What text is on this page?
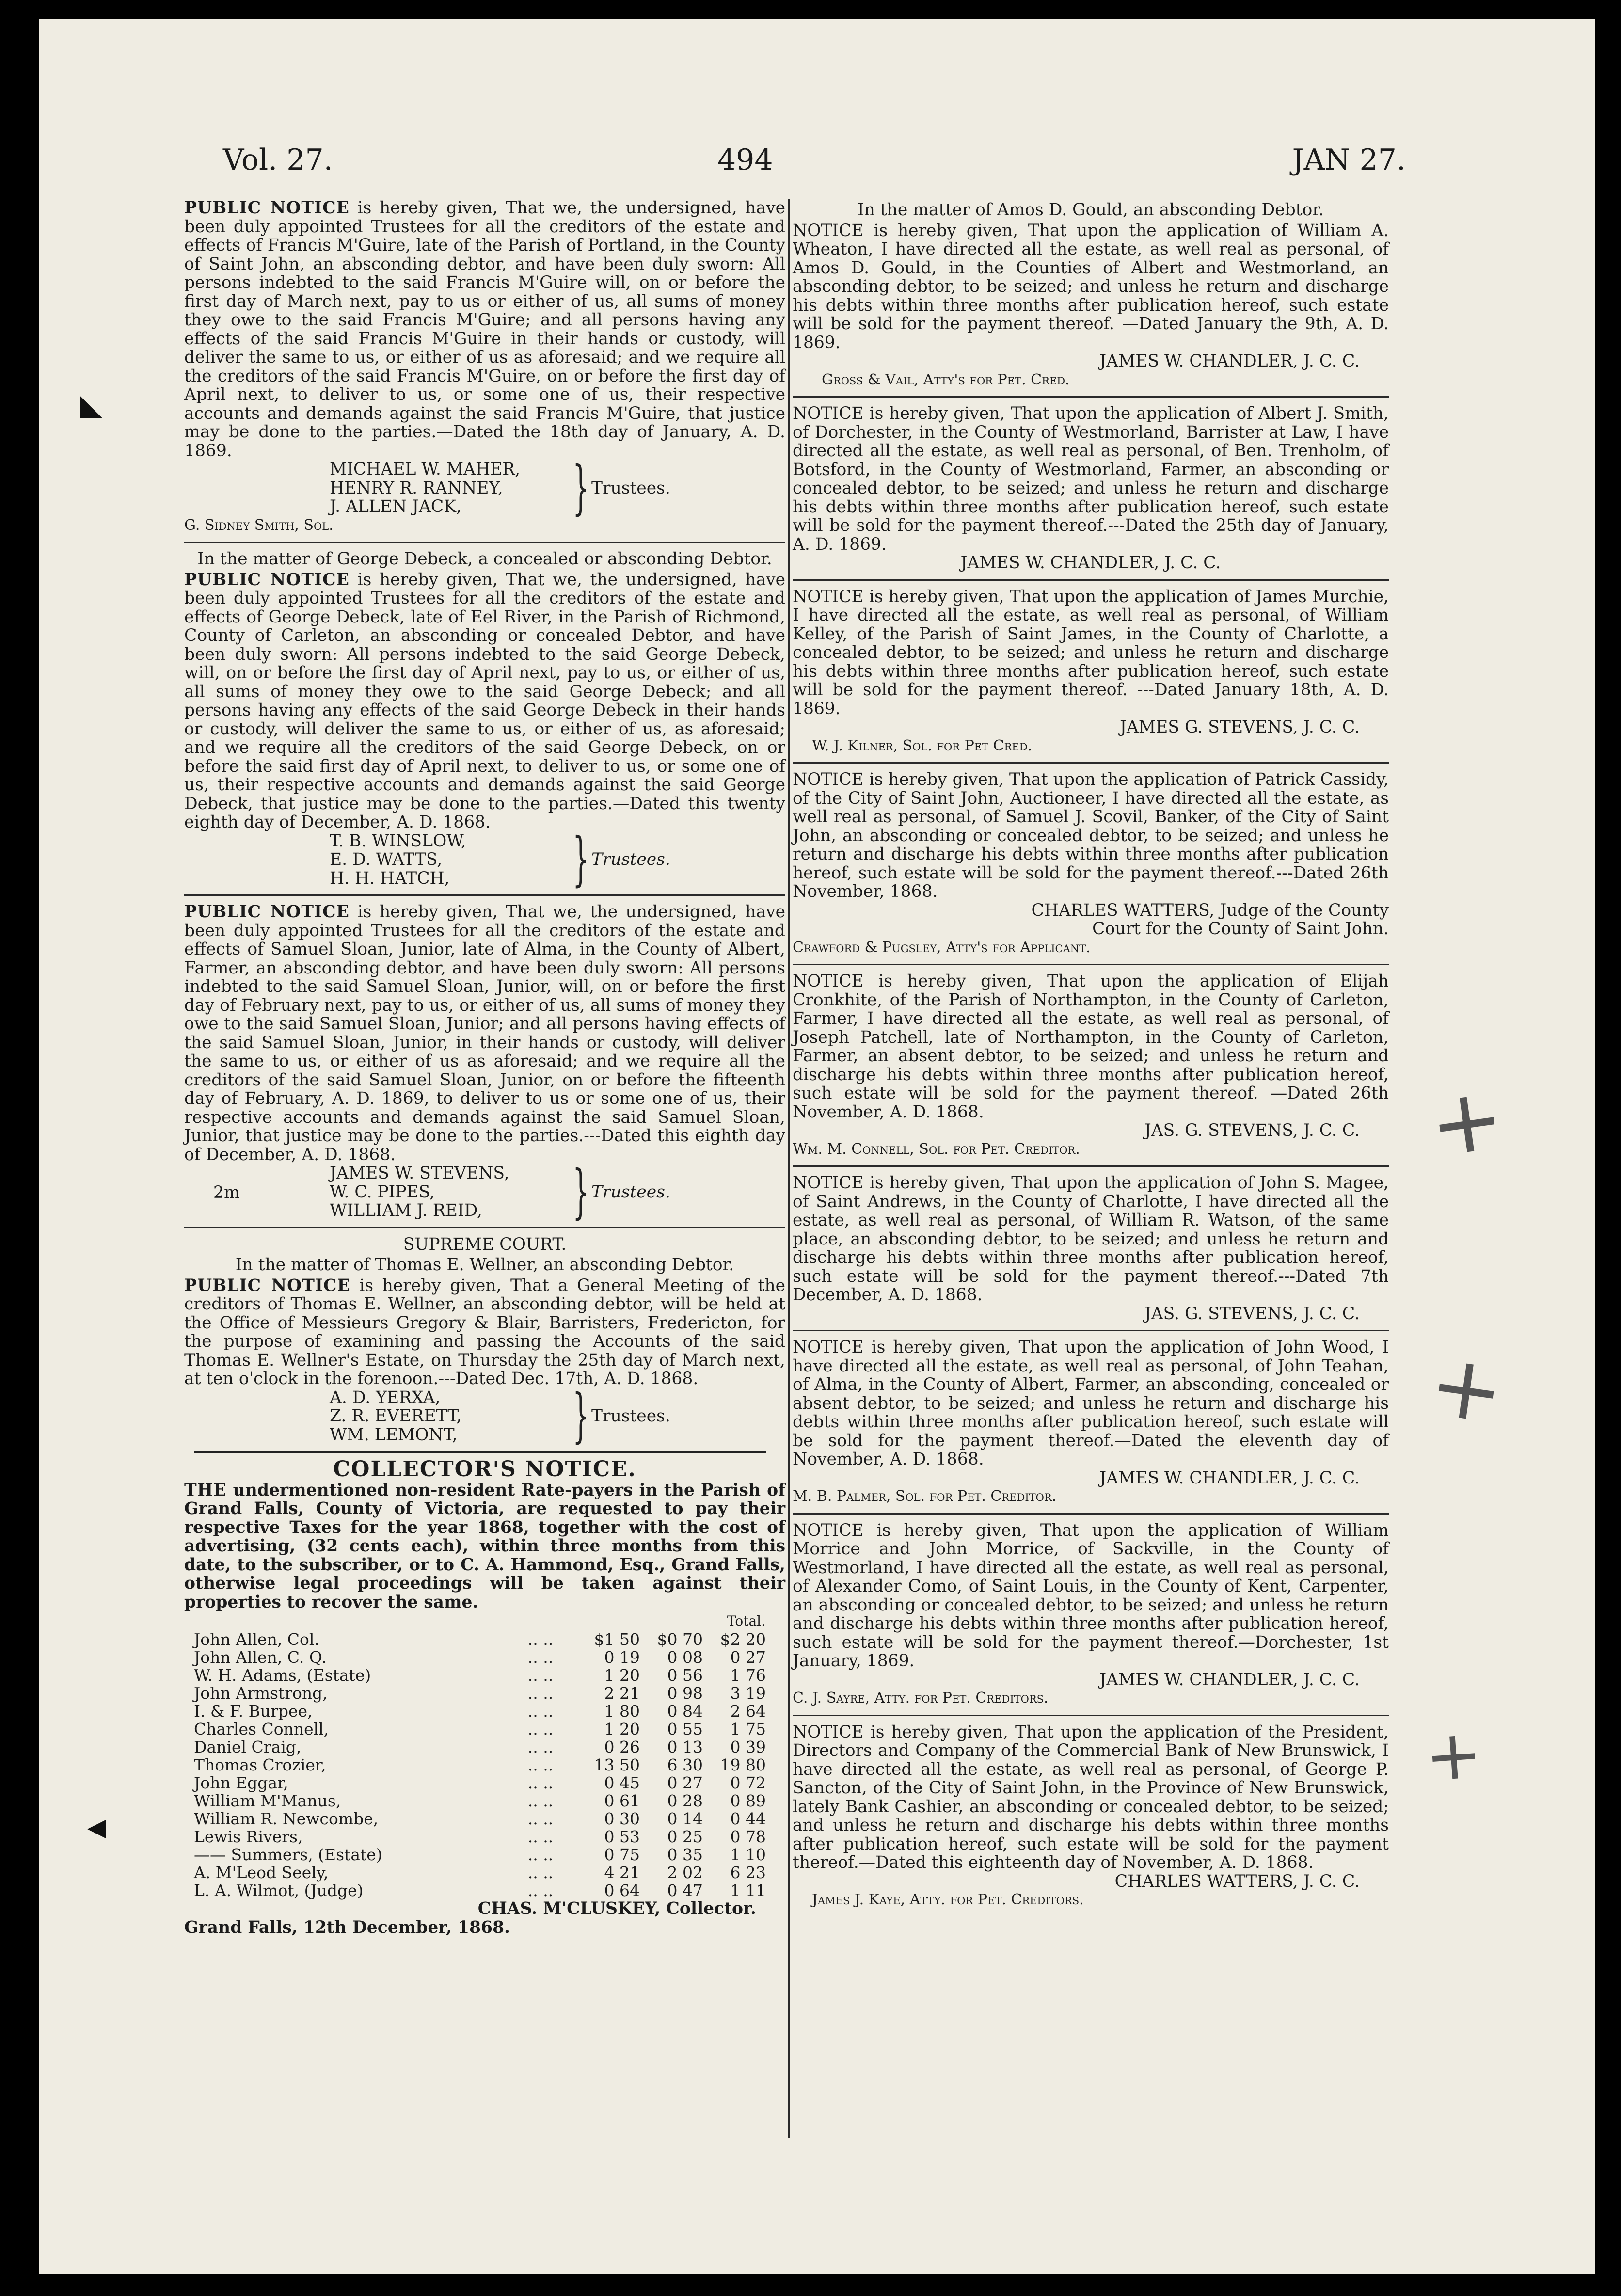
Vol. 27.	494	JAN 27.

PUBLIC NOTICE is hereby given, That we, the undersigned, have been duly appointed Trustees for all the creditors of the estate and effects of Francis M'Guire, late of the Parish of Portland, in the County of Saint John, an absconding debtor, and have been duly sworn: All persons indebted to the said Francis M'Guire will, on or before the first day of March next, pay to us or either of us, all sums of money they owe to the said Francis M'Guire; and all persons having any effects of the said Francis M'Guire in their hands or custody, will deliver the same to us, or either of us as aforesaid; and we require all the creditors of the said Francis M'Guire, on or before the first day of April next, to deliver to us, or some one of us, their respective accounts and demands against the said Francis M'Guire, that justice may be done to the parties.—Dated the 18th day of January, A. D. 1869.

MICHAEL W. MAHER,
HENRY R. RANNEY,
J. ALLEN JACK,	} Trustees.

G. Sidney Smith, Sol.

In the matter of George Debeck, a concealed or absconding Debtor.

PUBLIC NOTICE is hereby given, That we, the undersigned, have been duly appointed Trustees for all the creditors of the estate and effects of George Debeck, late of Eel River, in the Parish of Richmond, County of Carleton, an absconding or concealed Debtor, and have been duly sworn: All persons indebted to the said George Debeck, will, on or before the first day of April next, pay to us, or either of us, all sums of money they owe to the said George Debeck; and all persons having any effects of the said George Debeck in their hands or custody, will deliver the same to us, or either of us, as aforesaid; and we require all the creditors of the said George Debeck, on or before the said first day of April next, to deliver to us, or some one of us, their respective accounts and demands against the said George Debeck, that justice may be done to the parties.—Dated this twenty eighth day of December, A. D. 1868.

T. B. WINSLOW,
E. D. WATTS,
H. H. HATCH,	} Trustees.

PUBLIC NOTICE is hereby given, That we, the undersigned, have been duly appointed Trustees for all the creditors of the estate and effects of Samuel Sloan, Junior, late of Alma, in the County of Albert, Farmer, an absconding debtor, and have been duly sworn: All persons indebted to the said Samuel Sloan, Junior, will, on or before the first day of February next, pay to us, or either of us, all sums of money they owe to the said Samuel Sloan, Junior; and all persons having effects of the said Samuel Sloan, Junior, in their hands or custody, will deliver the same to us, or either of us as aforesaid; and we require all the creditors of the said Samuel Sloan, Junior, on or before the fifteenth day of February, A. D. 1869, to deliver to us or some one of us, their respective accounts and demands against the said Samuel Sloan, Junior, that justice may be done to the parties.---Dated this eighth day of December, A. D. 1868.

2m
JAMES W. STEVENS,
W. C. PIPES,
WILLIAM J. REID,	} Trustees.

SUPREME COURT.

In the matter of Thomas E. Wellner, an absconding Debtor.

PUBLIC NOTICE is hereby given, That a General Meeting of the creditors of Thomas E. Wellner, an absconding debtor, will be held at the Office of Messieurs Gregory & Blair, Barristers, Fredericton, for the purpose of examining and passing the Accounts of the said Thomas E. Wellner's Estate, on Thursday the 25th day of March next, at ten o'clock in the forenoon.---Dated Dec. 17th, A. D. 1868.

A. D. YERXA,
Z. R. EVERETT,
WM. LEMONT,	} Trustees.
COLLECTOR'S NOTICE.

THE undermentioned non-resident Rate-payers in the Parish of Grand Falls, County of Victoria, are requested to pay their respective Taxes for the year 1868, together with the cost of advertising, (32 cents each), within three months from this date, to the subscriber, or to C. A. Hammond, Esq., Grand Falls, otherwise legal proceedings will be taken against their properties to recover the same.

				Total.
John Allen, Col.	.. ..	$1 50	$0 70	$2 20
John Allen, C. Q.	.. ..	0 19	0 08	0 27
W. H. Adams, (Estate)	.. ..	1 20	0 56	1 76
John Armstrong,	.. ..	2 21	0 98	3 19
I. & F. Burpee,	.. ..	1 80	0 84	2 64
Charles Connell,	.. ..	1 20	0 55	1 75
Daniel Craig,	.. ..	0 26	0 13	0 39
Thomas Crozier,	.. ..	13 50	6 30	19 80
John Eggar,	.. ..	0 45	0 27	0 72
William M'Manus,	.. ..	0 61	0 28	0 89
William R. Newcombe,	.. ..	0 30	0 14	0 44
Lewis Rivers,	.. ..	0 53	0 25	0 78
—— Summers, (Estate)	.. ..	0 75	0 35	1 10
A. M'Leod Seely,	.. ..	4 21	2 02	6 23
L. A. Wilmot, (Judge)	.. ..	0 64	0 47	1 11

CHAS. M'CLUSKEY, Collector.

Grand Falls, 12th December, 1868.

In the matter of Amos D. Gould, an absconding Debtor.

NOTICE is hereby given, That upon the application of William A. Wheaton, I have directed all the estate, as well real as personal, of Amos D. Gould, in the Counties of Albert and Westmorland, an absconding debtor, to be seized; and unless he return and discharge his debts within three months after publication hereof, such estate will be sold for the payment thereof. —Dated January the 9th, A. D. 1869.

JAMES W. CHANDLER, J. C. C.

Gross & Vail, Atty's for Pet. Cred.

NOTICE is hereby given, That upon the application of Albert J. Smith, of Dorchester, in the County of Westmorland, Barrister at Law, I have directed all the estate, as well real as personal, of Ben. Trenholm, of Botsford, in the County of Westmorland, Farmer, an absconding or concealed debtor, to be seized; and unless he return and discharge his debts within three months after publication hereof, such estate will be sold for the payment thereof.---Dated the 25th day of January, A. D. 1869.

JAMES W. CHANDLER, J. C. C.

NOTICE is hereby given, That upon the application of James Murchie, I have directed all the estate, as well real as personal, of William Kelley, of the Parish of Saint James, in the County of Charlotte, a concealed debtor, to be seized; and unless he return and discharge his debts within three months after publication hereof, such estate will be sold for the payment thereof. ---Dated January 18th, A. D. 1869.

JAMES G. STEVENS, J. C. C.

W. J. Kilner, Sol. for Pet Cred.

NOTICE is hereby given, That upon the application of Patrick Cassidy, of the City of Saint John, Auctioneer, I have directed all the estate, as well real as personal, of Samuel J. Scovil, Banker, of the City of Saint John, an absconding or concealed debtor, to be seized; and unless he return and discharge his debts within three months after publication hereof, such estate will be sold for the payment thereof.---Dated 26th November, 1868.

CHARLES WATTERS, Judge of the County

Court for the County of Saint John.

Crawford & Pugsley, Atty's for Applicant.

NOTICE is hereby given, That upon the application of Elijah Cronkhite, of the Parish of Northampton, in the County of Carleton, Farmer, I have directed all the estate, as well real as personal, of Joseph Patchell, late of Northampton, in the County of Carleton, Farmer, an absent debtor, to be seized; and unless he return and discharge his debts within three months after publication hereof, such estate will be sold for the payment thereof. —Dated 26th November, A. D. 1868.

JAS. G. STEVENS, J. C. C.

Wm. M. Connell, Sol. for Pet. Creditor.

NOTICE is hereby given, That upon the application of John S. Magee, of Saint Andrews, in the County of Charlotte, I have directed all the estate, as well real as personal, of William R. Watson, of the same place, an absconding debtor, to be seized; and unless he return and discharge his debts within three months after publication hereof, such estate will be sold for the payment thereof.---Dated 7th December, A. D. 1868.

JAS. G. STEVENS, J. C. C.

NOTICE is hereby given, That upon the application of John Wood, I have directed all the estate, as well real as personal, of John Teahan, of Alma, in the County of Albert, Farmer, an absconding, concealed or absent debtor, to be seized; and unless he return and discharge his debts within three months after publication hereof, such estate will be sold for the payment thereof.—Dated the eleventh day of November, A. D. 1868.

JAMES W. CHANDLER, J. C. C.

M. B. Palmer, Sol. for Pet. Creditor.

NOTICE is hereby given, That upon the application of William Morrice and John Morrice, of Sackville, in the County of Westmorland, I have directed all the estate, as well real as personal, of Alexander Como, of Saint Louis, in the County of Kent, Carpenter, an absconding or concealed debtor, to be seized; and unless he return and discharge his debts within three months after publication hereof, such estate will be sold for the payment thereof.—Dorchester, 1st January, 1869.

JAMES W. CHANDLER, J. C. C.

C. J. Sayre, Atty. for Pet. Creditors.

NOTICE is hereby given, That upon the application of the President, Directors and Company of the Commercial Bank of New Brunswick, I have directed all the estate, as well real as personal, of George P. Sancton, of the City of Saint John, in the Province of New Brunswick, lately Bank Cashier, an absconding or concealed debtor, to be seized; and unless he return and discharge his debts within three months after publication hereof, such estate will be sold for the payment thereof.—Dated this eighteenth day of November, A. D. 1868.

CHARLES WATTERS, J. C. C.

James J. Kaye, Atty. for Pet. Creditors.

+
+
+
◣
◀
